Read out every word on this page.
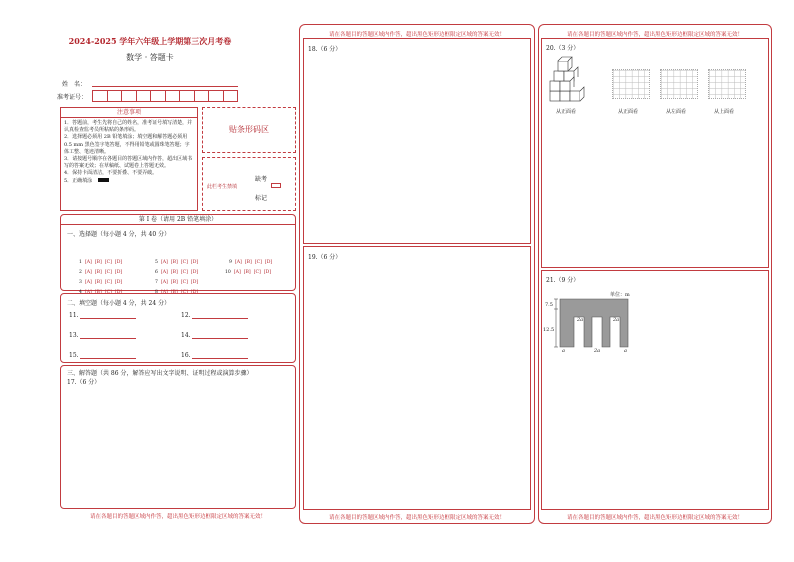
2024-2025 学年六年级上学期第三次月考卷
数学 · 答题卡
姓　名：
准考证号：
注意事项
1．答题前，考生先将自己的姓名，准考证号填写清楚，并认真检查监考员所粘贴的条形码。
2．选择题必须用 2B 铅笔填涂；填空题和解答题必须用 0.5 mm 黑色签字笔答题，不得用铅笔或圆珠笔答题；字体工整、笔迹清晰。
3．请按题号顺序在各题目的答题区域内作答，超出区域书写的答案无效；在草稿纸、试题卷上答题无效。
4．保持卡面清洁，不要折叠、不要弄破。
5．正确填涂
贴条形码区
缺考
此栏考生禁填
标记
第 I 卷（请用 2B 铅笔填涂）
一、选择题（每小题 4 分，共 40 分）
1 [A] [B] [C] [D]
2 [A] [B] [C] [D]
3 [A] [B] [C] [D]
4 [A] [B] [C] [D]
5 [A] [B] [C] [D]
6 [A] [B] [C] [D]
7 [A] [B] [C] [D]
8 [A] [B] [C] [D]
9 [A] [B] [C] [D]
10 [A] [B] [C] [D]
二、填空题（每小题 4 分，共 24 分）
11.	12.
13.	14.
15.	16.
三、解答题（共 86 分，解答应写出文字说明、证明过程或演算步骤）
17.（6 分）
请在各题目的答题区域内作答，超出黑色矩形边框限定区域的答案无效！
请在各题目的答题区域内作答，超出黑色矩形边框限定区域的答案无效！
18.（6 分）
19.（6 分）
请在各题目的答题区域内作答，超出黑色矩形边框限定区域的答案无效！
请在各题目的答题区域内作答，超出黑色矩形边框限定区域的答案无效！
20.（3 分）
从正面看	从正面看	从左面看	从上面看
21.（9 分）
单位：m
7.5
12.5
2a	2a
a	2a	a
请在各题目的答题区域内作答，超出黑色矩形边框限定区域的答案无效！
